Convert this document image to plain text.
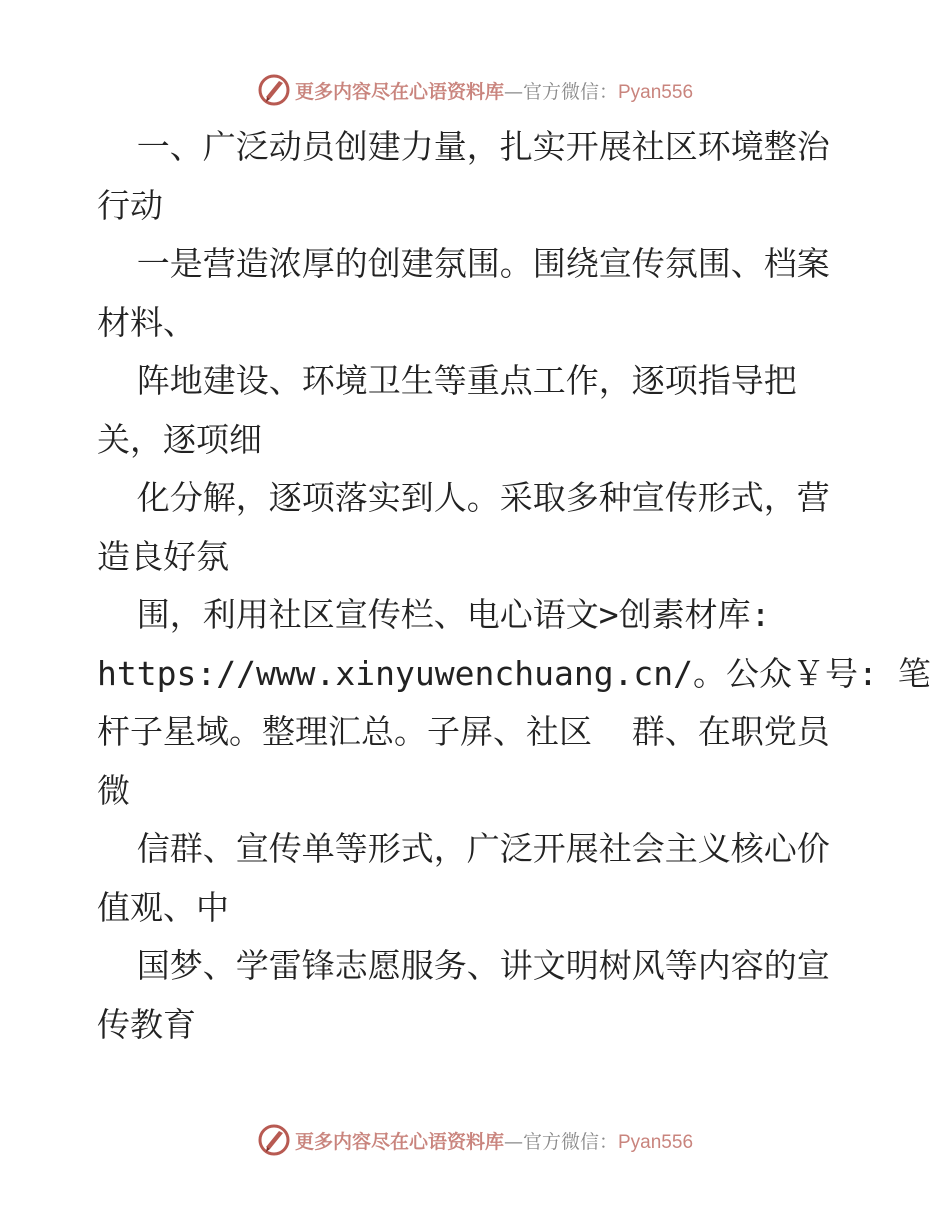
更多内容尽在心语资料库—官方微信：Pyan556
一、广泛动员创建力量，扎实开展社区环境整治
行动
一是营造浓厚的创建氛围。围绕宣传氛围、档案
材料、
阵地建设、环境卫生等重点工作，逐项指导把
关，逐项细
化分解，逐项落实到人。采取多种宣传形式，营
造良好氛
围，利用社区宣传栏、电心语文>创素材库:
https://www.xinyuwenchuang.cn/。公众￥号: 笔
杆子星域。整理汇总。子屏、社区  群、在职党员
微
信群、宣传单等形式，广泛开展社会主义核心价
值观、中
国梦、学雷锋志愿服务、讲文明树风等内容的宣
传教育
更多内容尽在心语资料库—官方微信：Pyan556
